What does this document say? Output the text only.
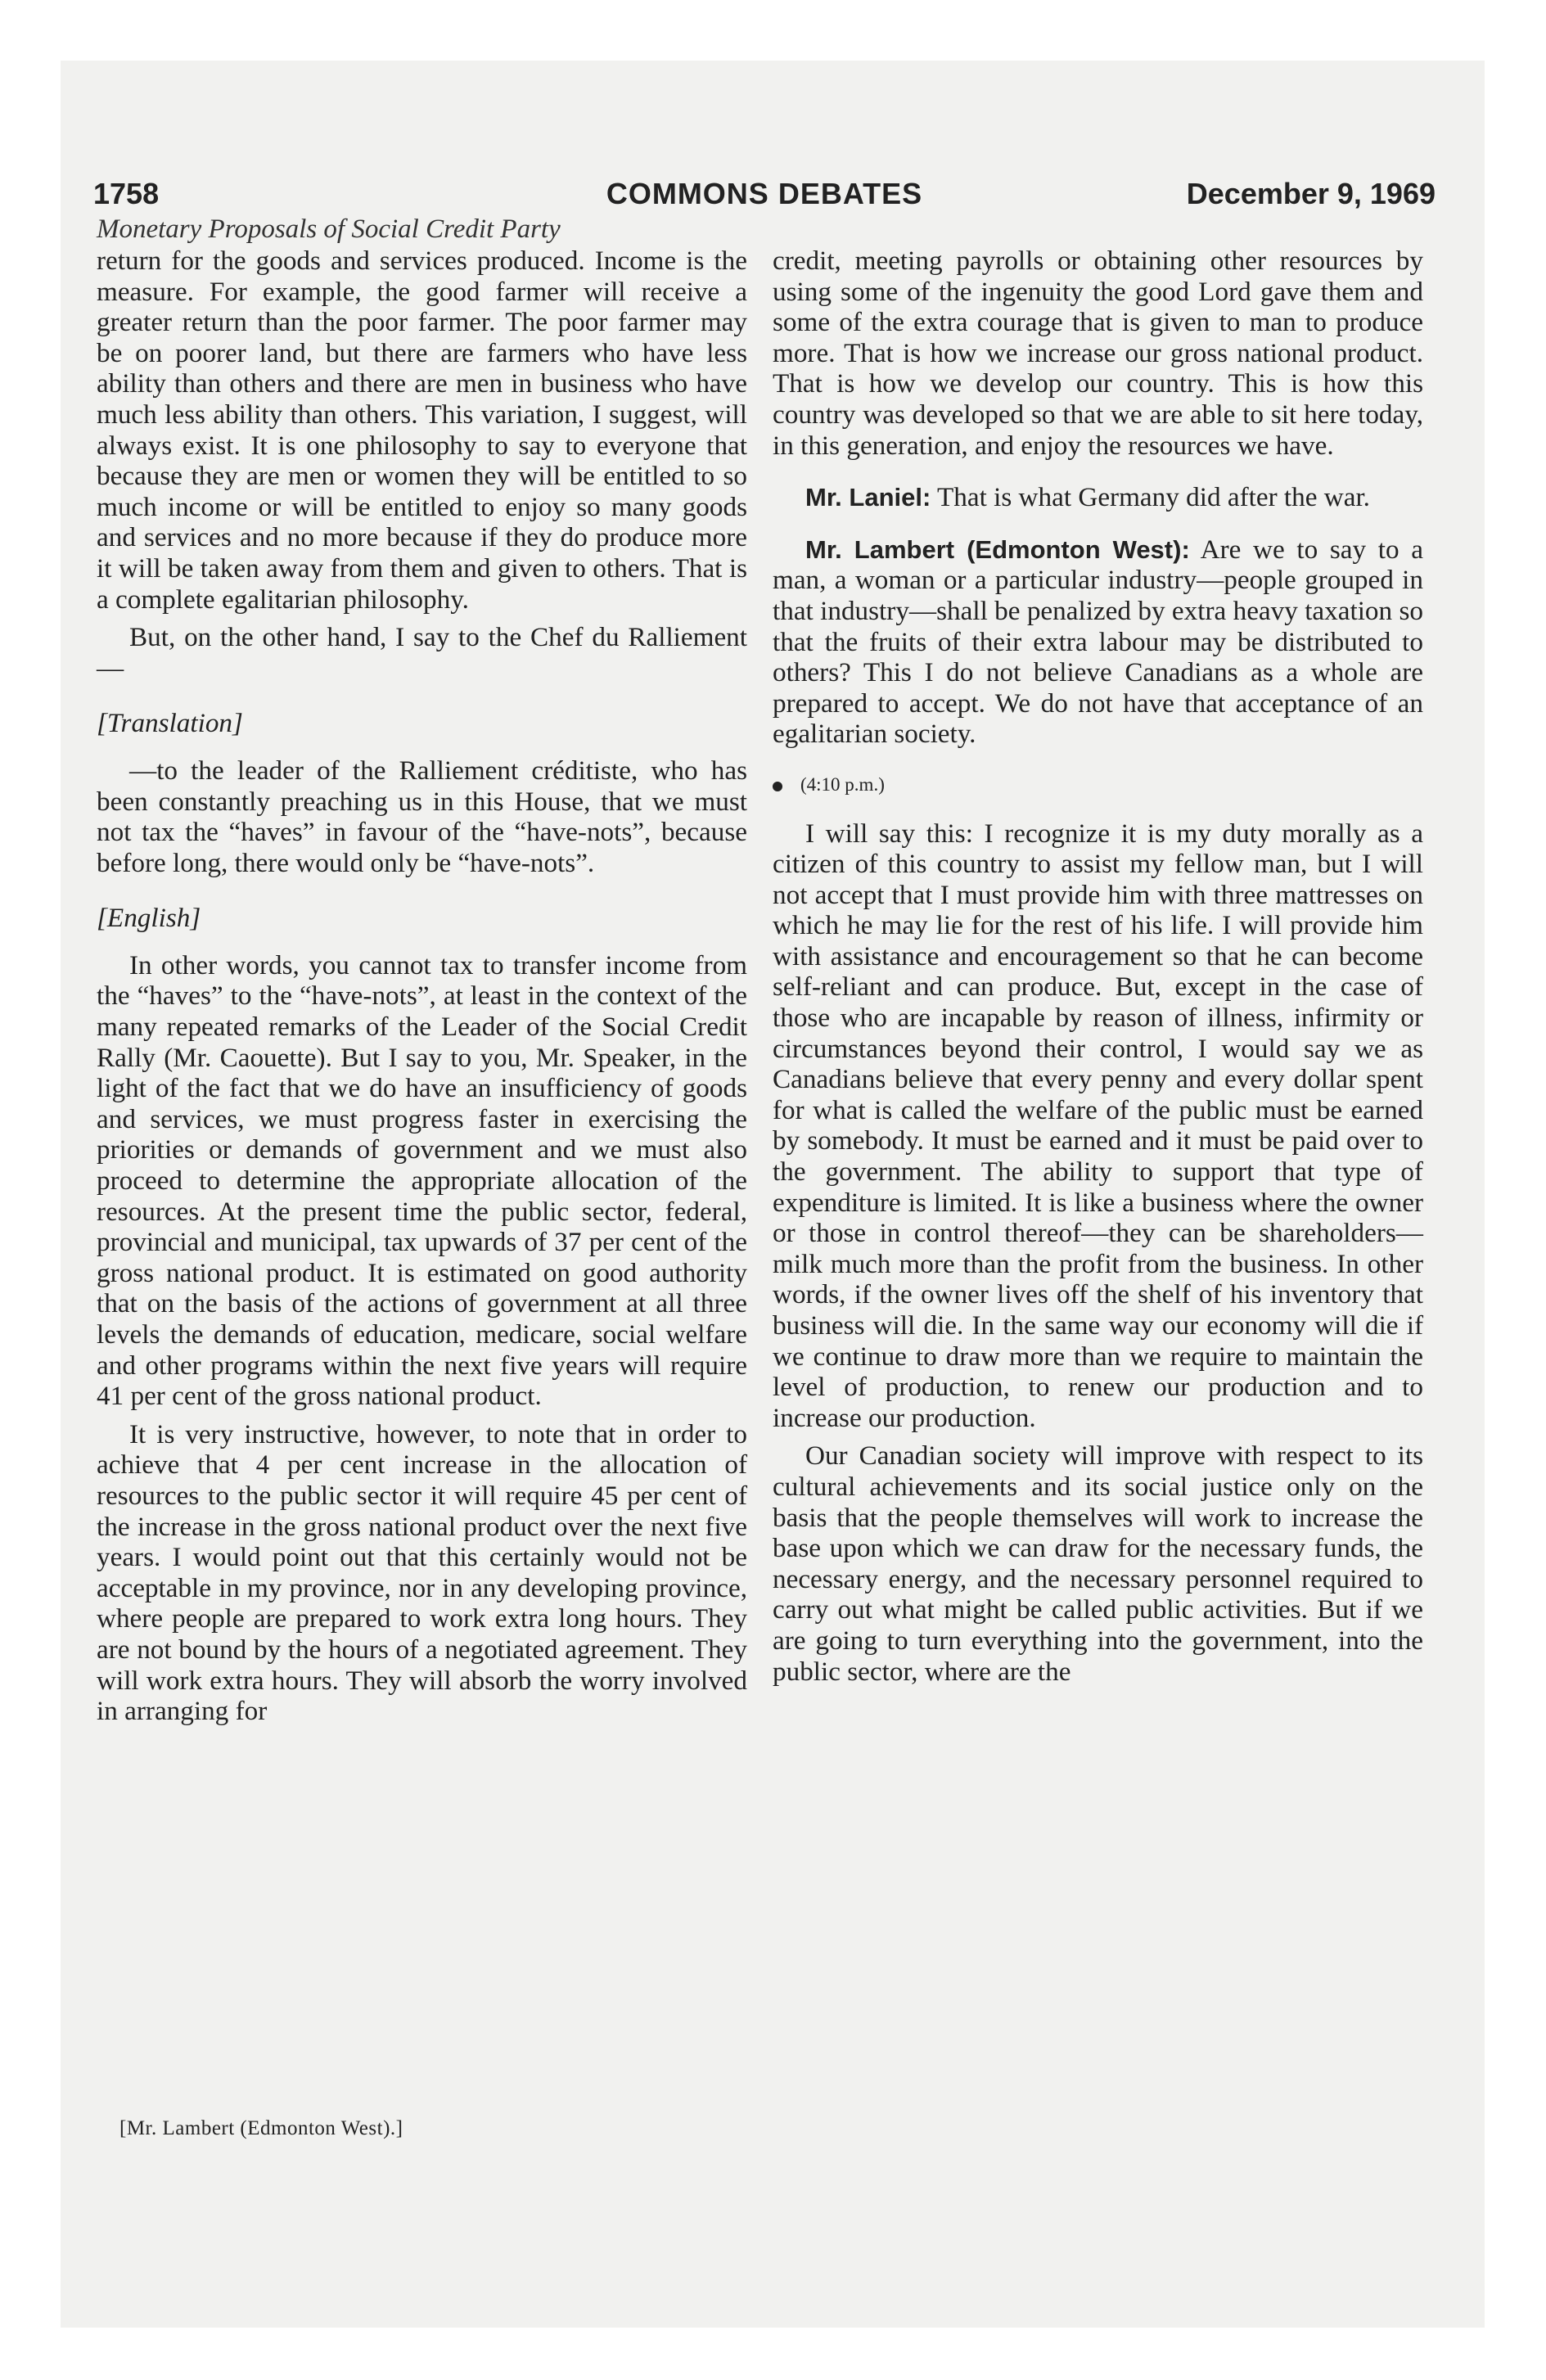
1758	COMMONS DEBATES	December 9, 1969
Monetary Proposals of Social Credit Party

return for the goods and services produced. Income is the measure. For example, the good farmer will receive a greater return than the poor farmer. The poor farmer may be on poorer land, but there are farmers who have less ability than others and there are men in business who have much less ability than others. This variation, I suggest, will always exist. It is one philosophy to say to everyone that because they are men or women they will be entitled to so much income or will be entitled to enjoy so many goods and services and no more because if they do produce more it will be taken away from them and given to others. That is a complete egalitarian philosophy.

But, on the other hand, I say to the Chef du Ralliement—

[Translation]

—to the leader of the Ralliement créditiste, who has been constantly preaching us in this House, that we must not tax the “haves” in favour of the “have-nots”, because before long, there would only be “have-nots”.

[English]

In other words, you cannot tax to transfer income from the “haves” to the “have-nots”, at least in the context of the many repeated remarks of the Leader of the Social Credit Rally (Mr. Caouette). But I say to you, Mr. Speaker, in the light of the fact that we do have an insufficiency of goods and services, we must progress faster in exercising the priorities or demands of government and we must also proceed to determine the appropriate allocation of the resources. At the present time the public sector, federal, provincial and municipal, tax upwards of 37 per cent of the gross national product. It is estimated on good authority that on the basis of the actions of government at all three levels the demands of education, medicare, social welfare and other programs within the next five years will require 41 per cent of the gross national product.

It is very instructive, however, to note that in order to achieve that 4 per cent increase in the allocation of resources to the public sector it will require 45 per cent of the increase in the gross national product over the next five years. I would point out that this certainly would not be acceptable in my province, nor in any developing province, where people are prepared to work extra long hours. They are not bound by the hours of a negotiated agreement. They will work extra hours. They will absorb the worry involved in arranging for

credit, meeting payrolls or obtaining other resources by using some of the ingenuity the good Lord gave them and some of the extra courage that is given to man to produce more. That is how we increase our gross national product. That is how we develop our country. This is how this country was developed so that we are able to sit here today, in this generation, and enjoy the resources we have.

Mr. Laniel: That is what Germany did after the war.

Mr. Lambert (Edmonton West): Are we to say to a man, a woman or a particular industry—people grouped in that industry—shall be penalized by extra heavy taxation so that the fruits of their extra labour may be distributed to others? This I do not believe Canadians as a whole are prepared to accept. We do not have that acceptance of an egalitarian society.

(4:10 p.m.)

I will say this: I recognize it is my duty morally as a citizen of this country to assist my fellow man, but I will not accept that I must provide him with three mattresses on which he may lie for the rest of his life. I will provide him with assistance and encouragement so that he can become self-reliant and can produce. But, except in the case of those who are incapable by reason of illness, infirmity or circumstances beyond their control, I would say we as Canadians believe that every penny and every dollar spent for what is called the welfare of the public must be earned by somebody. It must be earned and it must be paid over to the government. The ability to support that type of expenditure is limited. It is like a business where the owner or those in control thereof—they can be shareholders—milk much more than the profit from the business. In other words, if the owner lives off the shelf of his inventory that business will die. In the same way our economy will die if we continue to draw more than we require to maintain the level of production, to renew our production and to increase our production.

Our Canadian society will improve with respect to its cultural achievements and its social justice only on the basis that the people themselves will work to increase the base upon which we can draw for the necessary funds, the necessary energy, and the necessary personnel required to carry out what might be called public activities. But if we are going to turn everything into the government, into the public sector, where are the

[Mr. Lambert (Edmonton West).]
